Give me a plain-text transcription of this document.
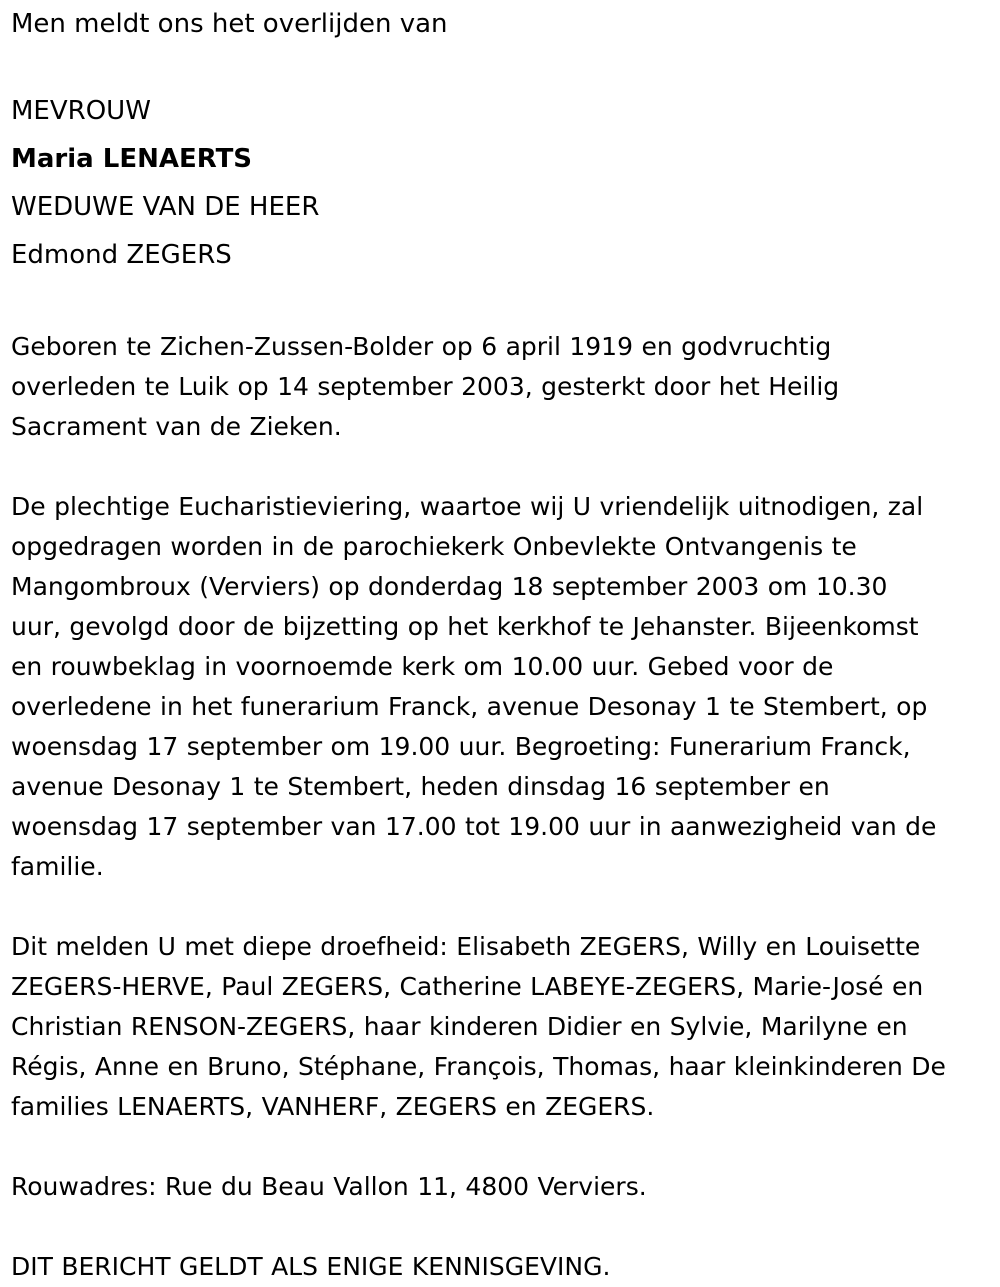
Men meldt ons het overlijden van

MEVROUW

Maria LENAERTS

WEDUWE VAN DE HEER

Edmond ZEGERS

Geboren te Zichen-Zussen-Bolder op 6 april 1919 en godvruchtig
overleden te Luik op 14 september 2003, gesterkt door het Heilig
Sacrament van de Zieken.

De plechtige Eucharistieviering, waartoe wij U vriendelijk uitnodigen, zal
opgedragen worden in de parochiekerk Onbevlekte Ontvangenis te
Mangombroux (Verviers) op donderdag 18 september 2003 om 10.30
uur, gevolgd door de bijzetting op het kerkhof te Jehanster. Bijeenkomst
en rouwbeklag in voornoemde kerk om 10.00 uur. Gebed voor de
overledene in het funerarium Franck, avenue Desonay 1 te Stembert, op
woensdag 17 september om 19.00 uur. Begroeting: Funerarium Franck,
avenue Desonay 1 te Stembert, heden dinsdag 16 september en
woensdag 17 september van 17.00 tot 19.00 uur in aanwezigheid van de
familie.

Dit melden U met diepe droefheid: Elisabeth ZEGERS, Willy en Louisette
ZEGERS-HERVE, Paul ZEGERS, Catherine LABEYE-ZEGERS, Marie-José en
Christian RENSON-ZEGERS, haar kinderen Didier en Sylvie, Marilyne en
Régis, Anne en Bruno, Stéphane, François, Thomas, haar kleinkinderen De
families LENAERTS, VANHERF, ZEGERS en ZEGERS.

Rouwadres: Rue du Beau Vallon 11, 4800 Verviers.

DIT BERICHT GELDT ALS ENIGE KENNISGEVING.
